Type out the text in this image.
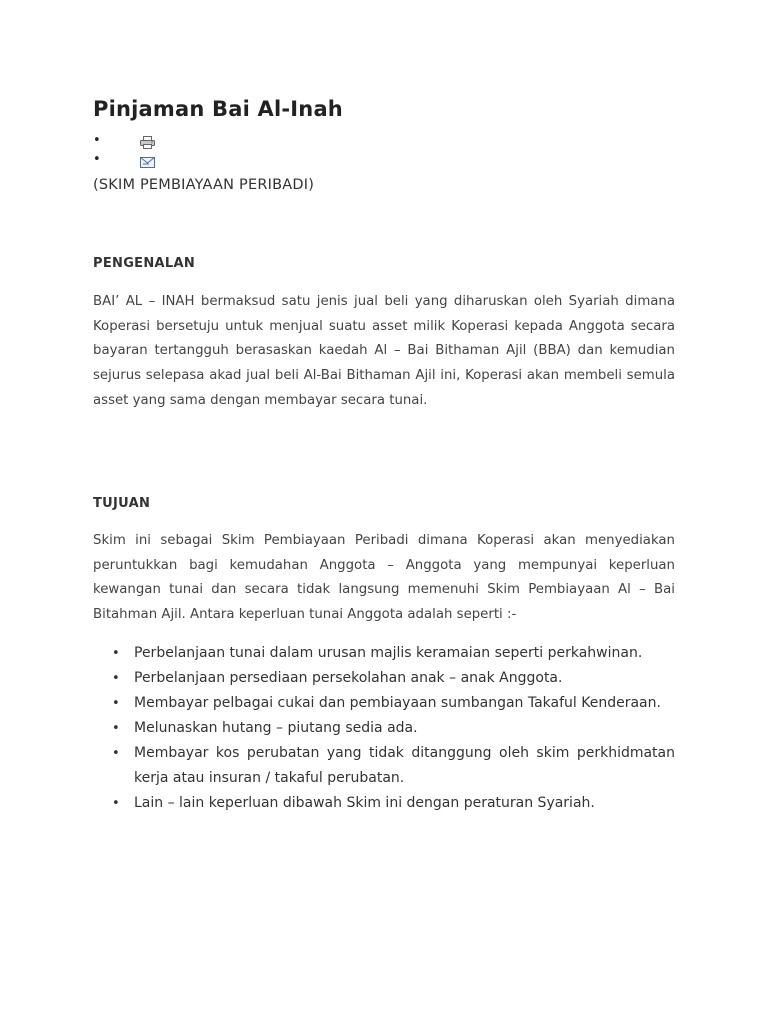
Pinjaman Bai Al-Inah
•
•

(SKIM PEMBIAYAAN PERIBADI)

PENGENALAN

BAI’ AL – INAH bermaksud satu jenis jual beli yang diharuskan oleh Syariah dimana Koperasi bersetuju untuk menjual suatu asset milik Koperasi kepada Anggota secara bayaran tertangguh berasaskan kaedah Al – Bai Bithaman Ajil (BBA) dan kemudian sejurus selepasa akad jual beli Al-Bai Bithaman Ajil ini, Koperasi akan membeli semula asset yang sama dengan membayar secara tunai.

TUJUAN

Skim ini sebagai Skim Pembiayaan Peribadi dimana Koperasi akan menyediakan peruntukkan bagi kemudahan Anggota – Anggota yang mempunyai keperluan kewangan tunai dan secara tidak langsung memenuhi Skim Pembiayaan Al – Bai Bitahman Ajil. Antara keperluan tunai Anggota adalah seperti :-

• Perbelanjaan tunai dalam urusan majlis keramaian seperti perkahwinan.
• Perbelanjaan persediaan persekolahan anak – anak Anggota.
• Membayar pelbagai cukai dan pembiayaan sumbangan Takaful Kenderaan.
• Melunaskan hutang – piutang sedia ada.
• Membayar kos perubatan yang tidak ditanggung oleh skim perkhidmatan kerja atau insuran / takaful perubatan.
• Lain – lain keperluan dibawah Skim ini dengan peraturan Syariah.
